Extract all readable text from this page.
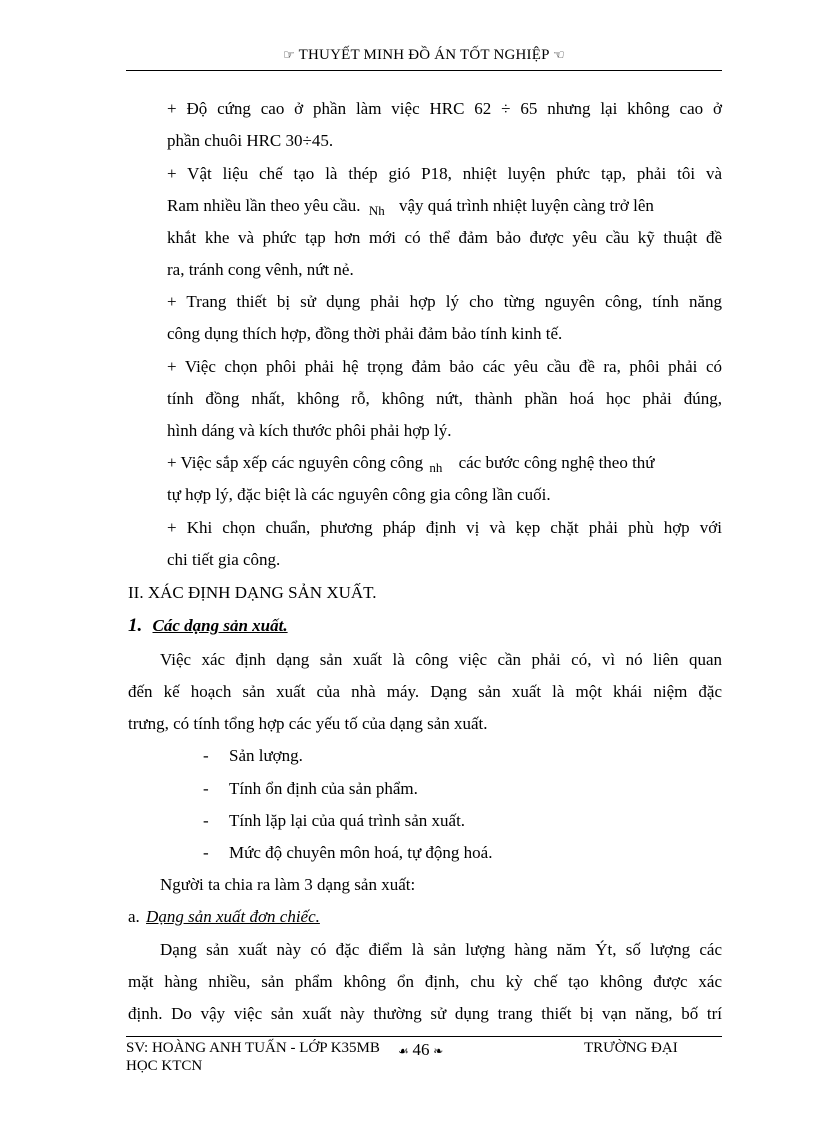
☞ THUYẾT MINH ĐỒ ÁN TỐT NGHIỆP ☜
+ Độ cứng cao ở phần làm việc HRC 62 ÷ 65 nhưng lại không cao ở
phần chuôi HRC 30÷45.
+ Vật liệu chế tạo là thép gió P18, nhiệt luyện phức tạp, phải tôi và
Ram nhiều lần theo yêu cầu. $_{Nh}$ vậy quá trình nhiệt luyện càng trở lên
khắt khe và phức tạp hơn mới có thể đảm bảo được yêu cầu kỹ thuật đề
ra, tránh cong vênh, nứt nẻ.
+ Trang thiết bị sử dụng phải hợp lý cho từng nguyên công, tính năng
công dụng thích hợp, đồng thời phải đảm bảo tính kinh tế.
+ Việc chọn phôi phải hệ trọng đảm bảo các yêu cầu đề ra, phôi phải có
tính đồng nhất, không rỗ, không nứt, thành phần hoá học phải đúng,
hình dáng và kích thước phôi phải hợp lý.
+ Việc sắp xếp các nguyên công công $_{nh}$ các bước công nghệ theo thứ
tự hợp lý, đặc biệt là các nguyên công gia công lần cuối.
+ Khi chọn chuẩn, phương pháp định vị và kẹp chặt phải phù hợp với
chi tiết gia công.
II. XÁC ĐỊNH DẠNG SẢN XUẤT.
1. Các dạng sản xuất.
Việc xác định dạng sản xuất là công việc cần phải có, vì nó liên quan
đến kế hoạch sản xuất của nhà máy. Dạng sản xuất là một khái niệm đặc
trưng, có tính tổng hợp các yếu tố của dạng sản xuất.
- Sản lượng.
- Tính ổn định của sản phẩm.
- Tính lặp lại của quá trình sản xuất.
- Mức độ chuyên môn hoá, tự động hoá.
Người ta chia ra làm 3 dạng sản xuất:
a. Dạng sản xuất đơn chiếc.
Dạng sản xuất này có đặc điểm là sản lượng hàng năm Ýt, số lượng các
mặt hàng nhiều, sản phẩm không ổn định, chu kỳ chế tạo không được xác
định. Do vậy việc sản xuất này thường sử dụng trang thiết bị vạn năng, bố trí
SV: HOÀNG ANH TUẤN - LỚP K35MB ☙ 46 ❧	TRƯỜNG ĐẠI
HỌC KTCN
